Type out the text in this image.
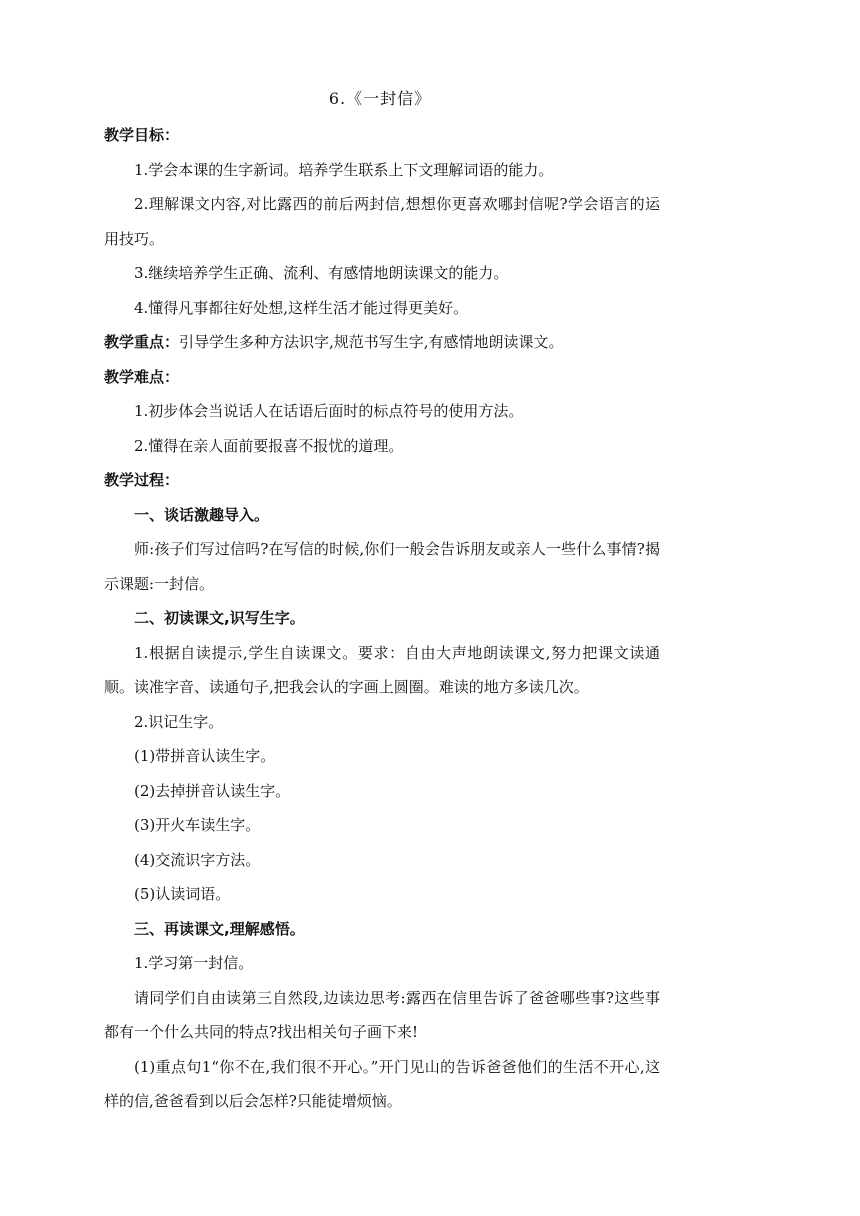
6.《一封信》

教学目标：

1.学会本课的生字新词。培养学生联系上下文理解词语的能力。

2.理解课文内容,对比露西的前后两封信,想想你更喜欢哪封信呢?学会语言的运用技巧。

3.继续培养学生正确、流利、有感情地朗读课文的能力。

4.懂得凡事都往好处想,这样生活才能过得更美好。

教学重点：引导学生多种方法识字,规范书写生字,有感情地朗读课文。

教学难点：

1.初步体会当说话人在话语后面时的标点符号的使用方法。

2.懂得在亲人面前要报喜不报忧的道理。

教学过程：

一、谈话激趣导入。

师:孩子们写过信吗?在写信的时候,你们一般会告诉朋友或亲人一些什么事情?揭示课题:一封信。

二、初读课文,识写生字。

1.根据自读提示,学生自读课文。要求：自由大声地朗读课文,努力把课文读通顺。读准字音、读通句子,把我会认的字画上圆圈。难读的地方多读几次。

2.识记生字。

(1)带拼音认读生字。

(2)去掉拼音认读生字。

(3)开火车读生字。

(4)交流识字方法。

(5)认读词语。

三、再读课文,理解感悟。

1.学习第一封信。

请同学们自由读第三自然段,边读边思考:露西在信里告诉了爸爸哪些事?这些事都有一个什么共同的特点?找出相关句子画下来!

(1)重点句1“你不在,我们很不开心。”开门见山的告诉爸爸他们的生活不开心,这样的信,爸爸看到以后会怎样?只能徒增烦恼。
